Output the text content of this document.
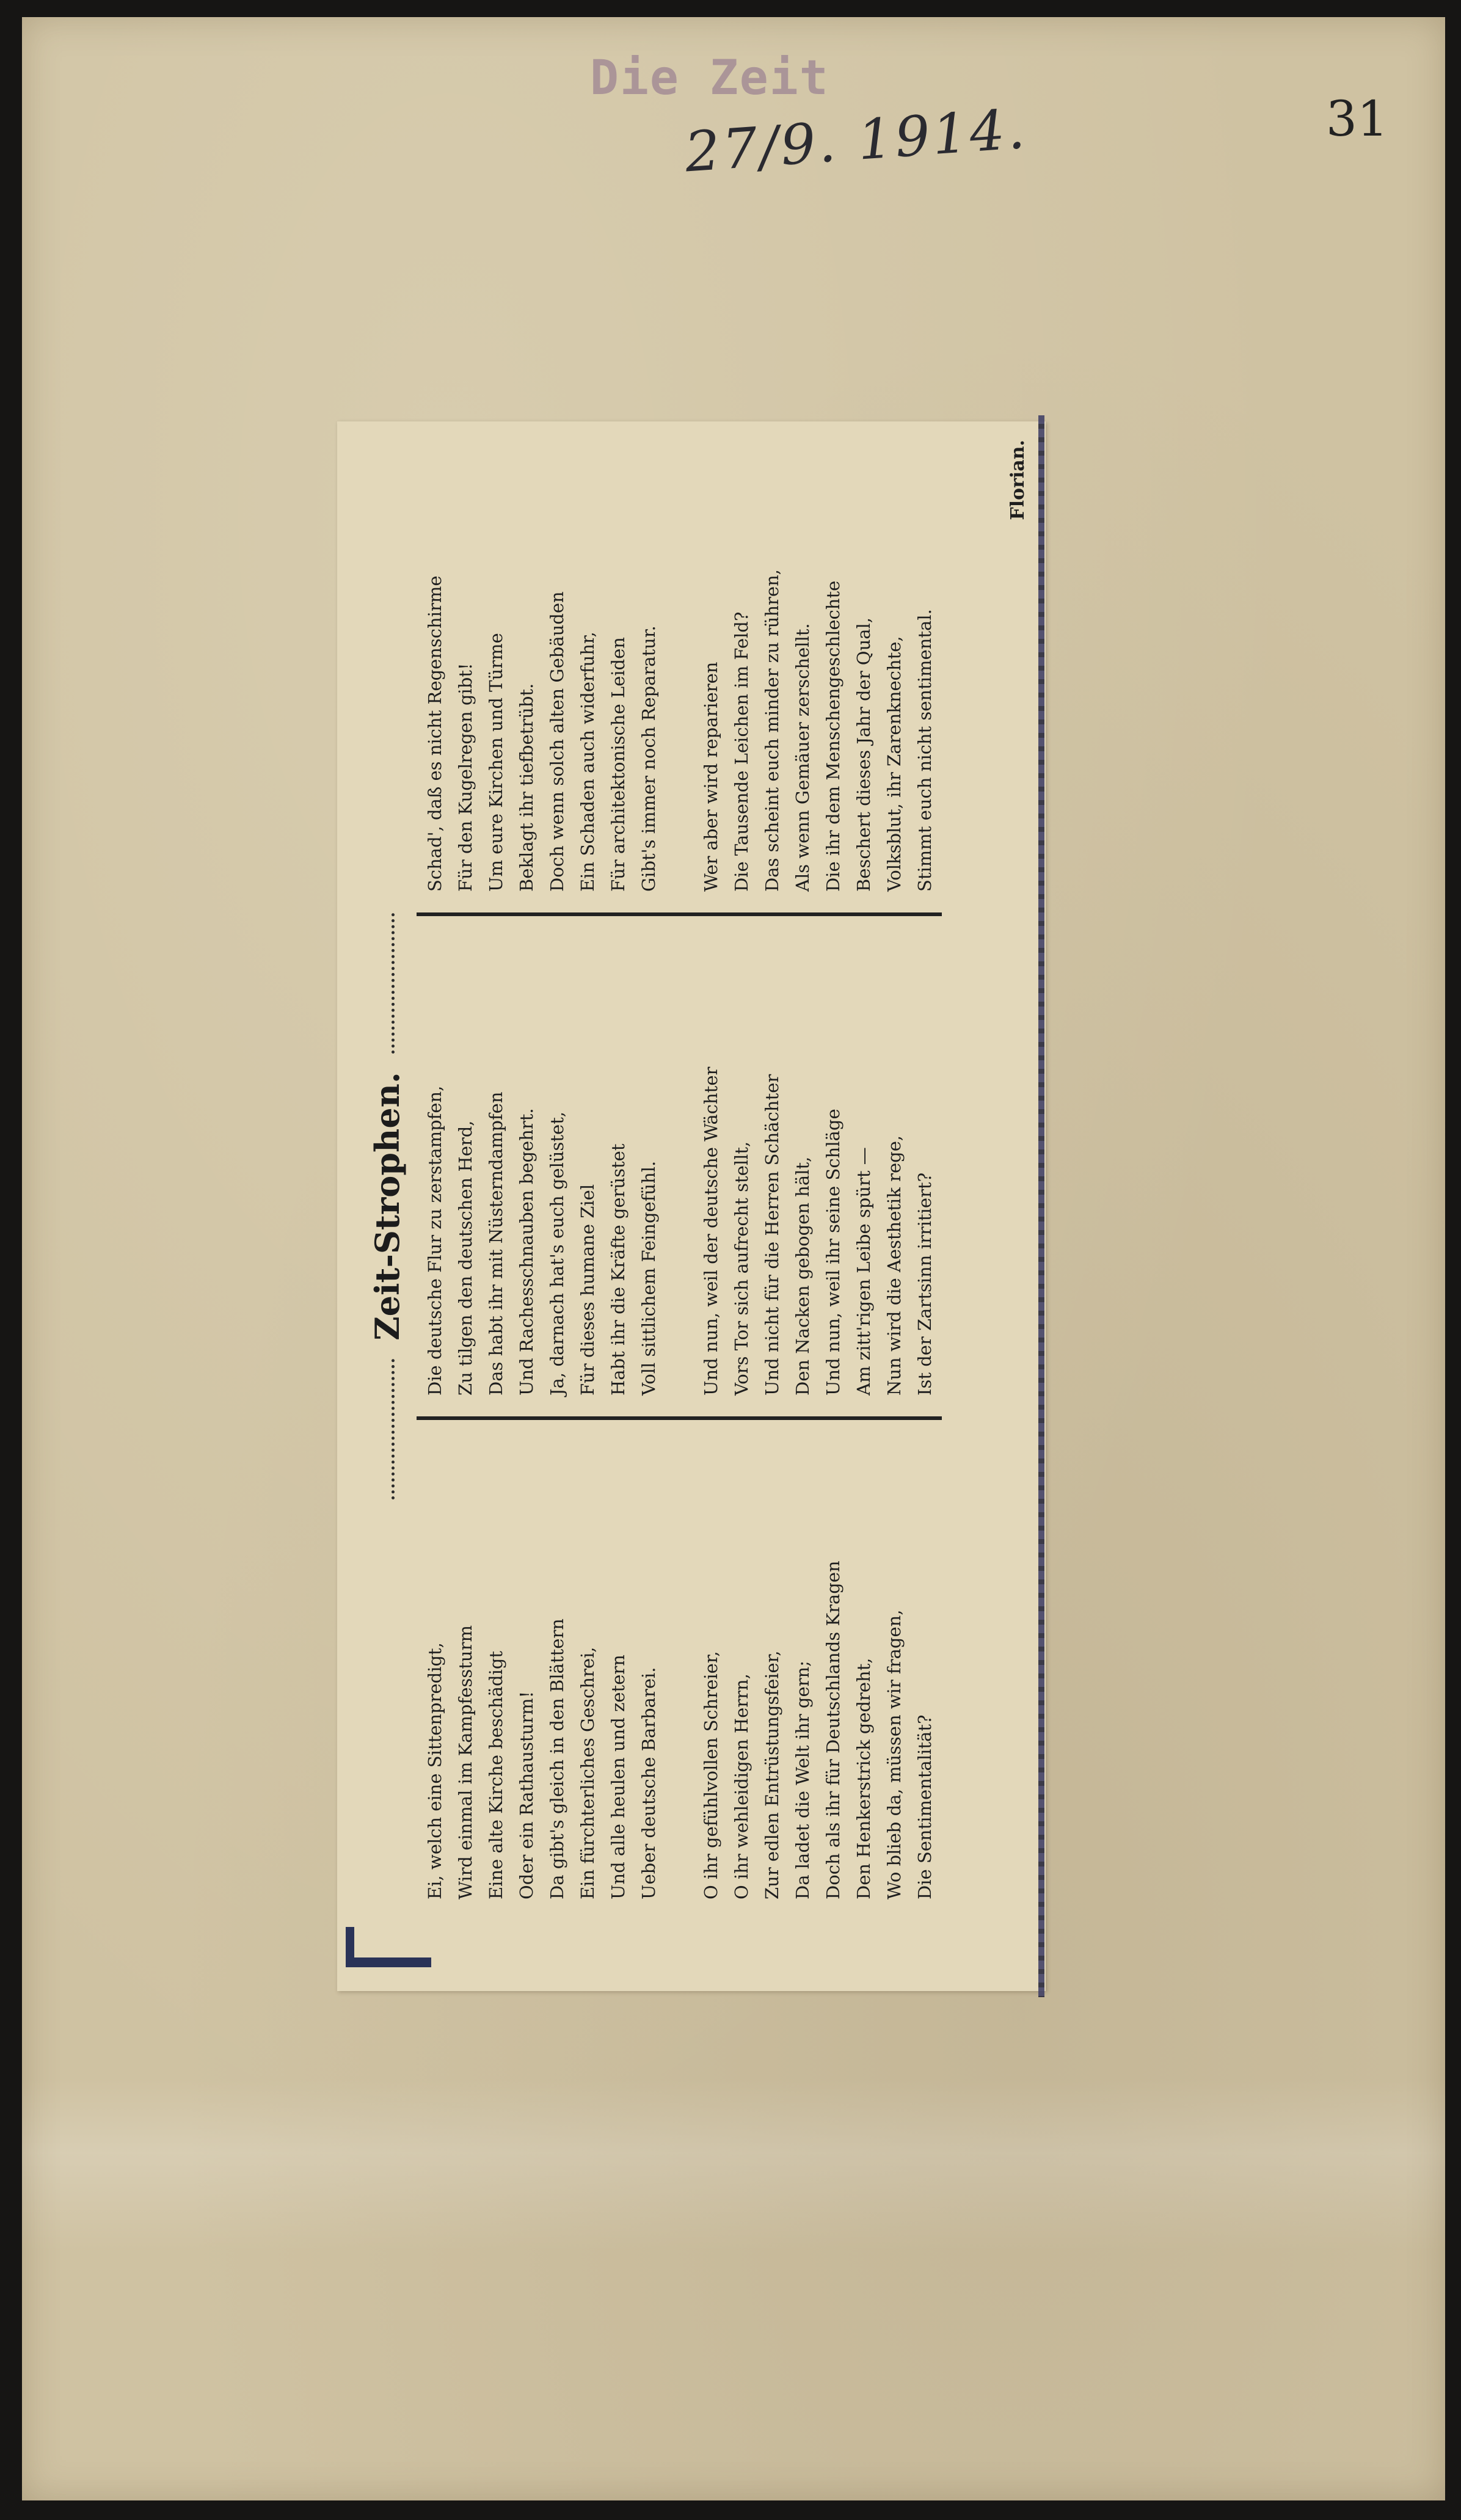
Die Zeit
27/9. 1914.	31
Zeit-Strophen.
Ei, welch eine Sittenpredigt, Wird einmal im Kampfessturm Eine alte Kirche beschädigt Oder ein Rathausturm! Da gibt's gleich in den Blättern Ein fürchterliches Geschrei, Und alle heulen und zetern Ueber deutsche Barbarei. O ihr gefühlvollen Schreier, O ihr wehleidigen Herrn, Zur edlen Entrüstungsfeier, Da ladet die Welt ihr gern; Doch als ihr für Deutschlands Kragen Den Henkerstrick gedreht, Wo blieb da, müssen wir fragen, Die Sentimentalität?
Die deutsche Flur zu zerstampfen, Zu tilgen den deutschen Herd, Das habt ihr mit Nüsterndampfen Und Rachesschnauben begehrt. Ja, darnach hat's euch gelüstet, Für dieses humane Ziel Habt ihr die Kräfte gerüstet Voll sittlichem Feingefühl. Und nun, weil der deutsche Wächter Vors Tor sich aufrecht stellt, Und nicht für die Herren Schächter Den Nacken gebogen hält, Und nun, weil ihr seine Schläge Am zitt'rigen Leibe spürt — Nun wird die Aesthetik rege, Ist der Zartsinn irritiert?
Schad', daß es nicht Regenschirme Für den Kugelregen gibt! Um eure Kirchen und Türme Beklagt ihr tiefbetrübt. Doch wenn solch alten Gebäuden Ein Schaden auch widerfuhr, Für architektonische Leiden Gibt's immer noch Reparatur. Wer aber wird reparieren Die Tausende Leichen im Feld? Das scheint euch minder zu rühren, Als wenn Gemäuer zerschellt. Die ihr dem Menschengeschlechte Beschert dieses Jahr der Qual, Volksblut, ihr Zarenknechte, Stimmt euch nicht sentimental.
Florian.
